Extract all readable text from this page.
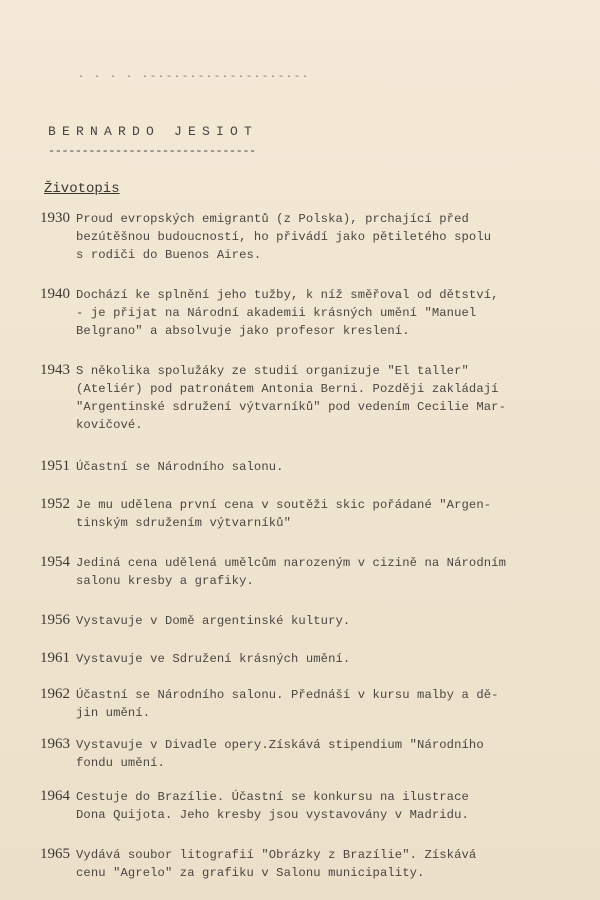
· · · · ·-·-·-·-·-·-·-·-·-·-·
BERNARDO JESIOT
-------------------------------
Životopis
1930 Proud evropských emigrantů (z Polska), prchající před
bezútěšnou budoucností, ho přivádí jako pětiletého spolu
s rodiči do Buenos Aires.
1940 Dochází ke splnění jeho tužby, k níž směřoval od dětství,
- je přijat na Národní akademii krásných umění "Manuel
Belgrano" a absolvuje jako profesor kreslení.
1943 S několika spolužáky ze studií organizuje "El taller"
(Ateliér) pod patronátem Antonia Berni. Později zakládají
"Argentinské sdružení výtvarníků" pod vedením Cecilie Mar-
kovičové.
1951 Účastní se Národního salonu.
1952 Je mu udělena první cena v soutěži skic pořádané "Argen-
tinským sdružením výtvarníků"
1954 Jediná cena udělená umělcům narozeným v cizině na Národním
salonu kresby a grafiky.
1956 Vystavuje v Domě argentinské kultury.
1961 Vystavuje ve Sdružení krásných umění.
1962 Účastní se Národního salonu. Přednáší v kursu malby a dě-
jin umění.
1963 Vystavuje v Divadle opery.Získává stipendium "Národního
fondu umění.
1964 Cestuje do Brazílie. Účastní se konkursu na ilustrace
Dona Quijota. Jeho kresby jsou vystavovány v Madridu.
1965 Vydává soubor litografií "Obrázky z Brazílie". Získává
cenu "Agrelo" za grafiku v Salonu municipality.
